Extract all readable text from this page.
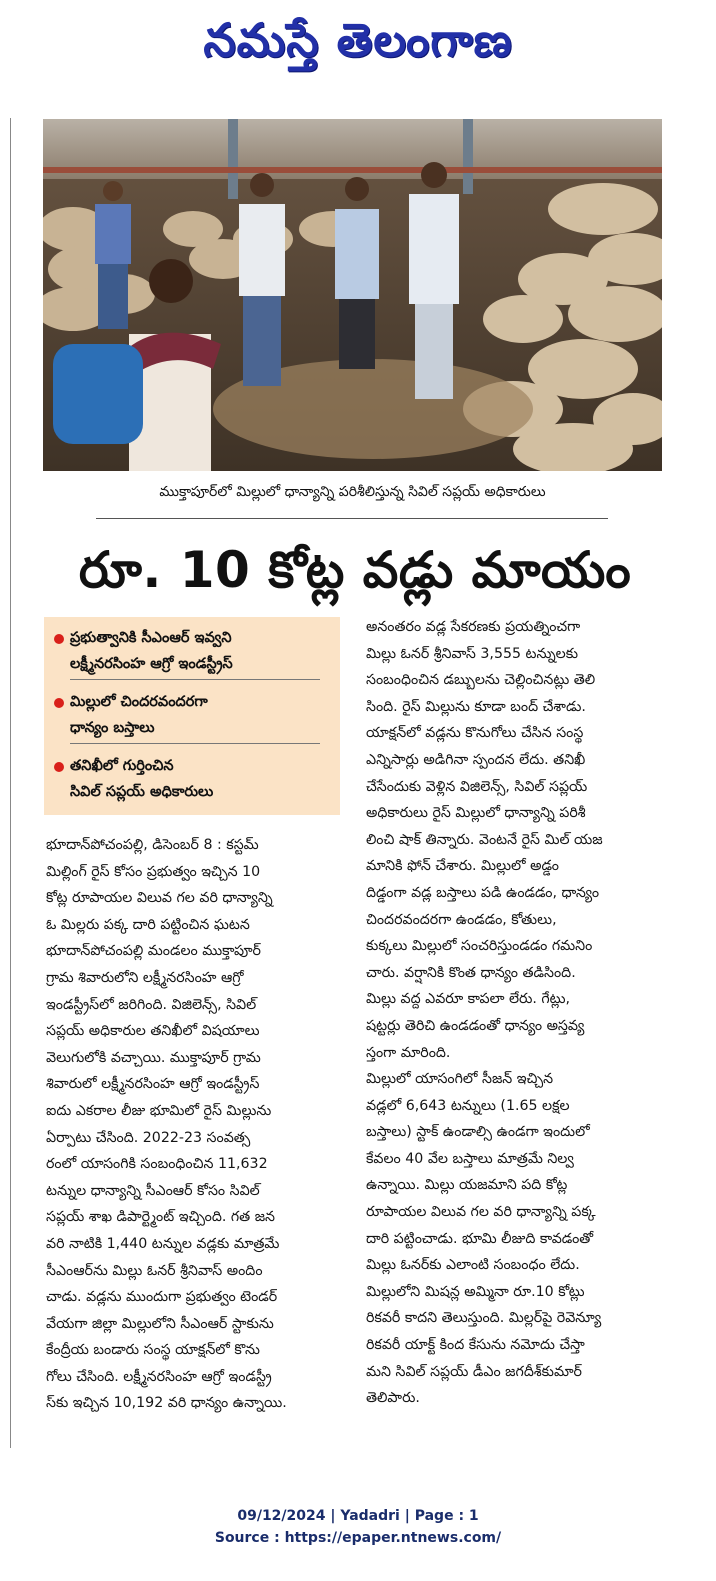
నమస్తే తెలంగాణ
ముక్తాపూర్‌లో మిల్లులో ధాన్యాన్ని పరిశీలిస్తున్న సివిల్ సప్లయ్ అధికారులు
రూ. 10 కోట్ల వడ్లు మాయం
ప్రభుత్వానికి సీఎంఆర్ ఇవ్వని
లక్ష్మీనరసింహ ఆగ్రో ఇండస్ట్రీస్
మిల్లులో చిందరవందరగా
ధాన్యం బస్తాలు
తనిఖీలో గుర్తించిన
సివిల్ సప్లయ్ అధికారులు
అనంతరం వడ్ల సేకరణకు ప్రయత్నించగా
మిల్లు ఓనర్ శ్రీనివాస్ 3,555 టన్నులకు
సంబంధించిన డబ్బులను చెల్లించినట్లు తెలి
సింది. రైస్ మిల్లును కూడా బంద్ చేశాడు.
యాక్షన్‌లో వడ్లను కొనుగోలు చేసిన సంస్థ
ఎన్నిసార్లు అడిగినా స్పందన లేదు. తనిఖీ
చేసేందుకు వెళ్లిన విజిలెన్స్, సివిల్ సప్లయ్
అధికారులు రైస్ మిల్లులో ధాన్యాన్ని పరిశీ
లించి షాక్ తిన్నారు. వెంటనే రైస్ మిల్ యజ
మానికి ఫోన్ చేశారు. మిల్లులో అడ్డం
దిడ్డంగా వడ్ల బస్తాలు పడి ఉండడం, ధాన్యం
చిందరవందరగా ఉండడం, కోతులు,
కుక్కలు మిల్లులో సంచరిస్తుండడం గమనిం
చారు. వర్షానికి కొంత ధాన్యం తడిసింది.
మిల్లు వద్ద ఎవరూ కాపలా లేరు. గేట్లు,
షట్టర్లు తెరిచి ఉండడంతో ధాన్యం అస్తవ్య
స్తంగా మారింది.
మిల్లులో యాసంగిలో సీజన్ ఇచ్చిన
వడ్లలో 6,643 టన్నులు (1.65 లక్షల
బస్తాలు) స్టాక్ ఉండాల్సి ఉండగా ఇందులో
కేవలం 40 వేల బస్తాలు మాత్రమే నిల్వ
ఉన్నాయి. మిల్లు యజమాని పది కోట్ల
రూపాయల విలువ గల వరి ధాన్యాన్ని పక్క
దారి పట్టించాడు. భూమి లీజుది కావడంతో
మిల్లు ఓనర్‌కు ఎలాంటి సంబంధం లేదు.
మిల్లులోని మిషన్ల అమ్మినా రూ.10 కోట్లు
రికవరీ కాదని తెలుస్తుంది. మిల్లర్‌పై రెవెన్యూ
రికవరీ యాక్ట్ కింద కేసును నమోదు చేస్తా
మని సివిల్ సప్లయ్ డీఎం జగదీశ్‌కుమార్
తెలిపారు.
భూదాన్‌పోచంపల్లి, డిసెంబర్ 8 : కస్టమ్
మిల్లింగ్ రైస్ కోసం ప్రభుత్వం ఇచ్చిన 10
కోట్ల రూపాయల విలువ గల వరి ధాన్యాన్ని
ఓ మిల్లరు పక్క దారి పట్టించిన ఘటన
భూదాన్‌పోచంపల్లి మండలం ముక్తాపూర్
గ్రామ శివారులోని లక్ష్మీనరసింహ ఆగ్రో
ఇండస్ట్రీస్‌లో జరిగింది. విజిలెన్స్, సివిల్
సప్లయ్ అధికారుల తనిఖీలో విషయాలు
వెలుగులోకి వచ్చాయి. ముక్తాపూర్ గ్రామ
శివారులో లక్ష్మీనరసింహ ఆగ్రో ఇండస్ట్రీస్
ఐదు ఎకరాల లీజు భూమిలో రైస్ మిల్లును
ఏర్పాటు చేసింది. 2022-23 సంవత్స
రంలో యాసంగికి సంబంధించిన 11,632
టన్నుల ధాన్యాన్ని సీఎంఆర్ కోసం సివిల్
సప్లయ్ శాఖ డిపార్ట్మెంట్ ఇచ్చింది. గత జన
వరి నాటికి 1,440 టన్నుల వడ్లకు మాత్రమే
సీఎంఆర్‌ను మిల్లు ఓనర్ శ్రీనివాస్ అందిం
చాడు. వడ్లను ముందుగా ప్రభుత్వం టెండర్
వేయగా జిల్లా మిల్లులోని సీఎంఆర్ స్టాకును
కేంద్రీయ బండారు సంస్థ యాక్షన్‌లో కొను
గోలు చేసింది. లక్ష్మీనరసింహ ఆగ్రో ఇండస్ట్రీ
స్‌కు ఇచ్చిన 10,192 వరి ధాన్యం ఉన్నాయి.
09/12/2024 | Yadadri | Page : 1
Source : https://epaper.ntnews.com/
